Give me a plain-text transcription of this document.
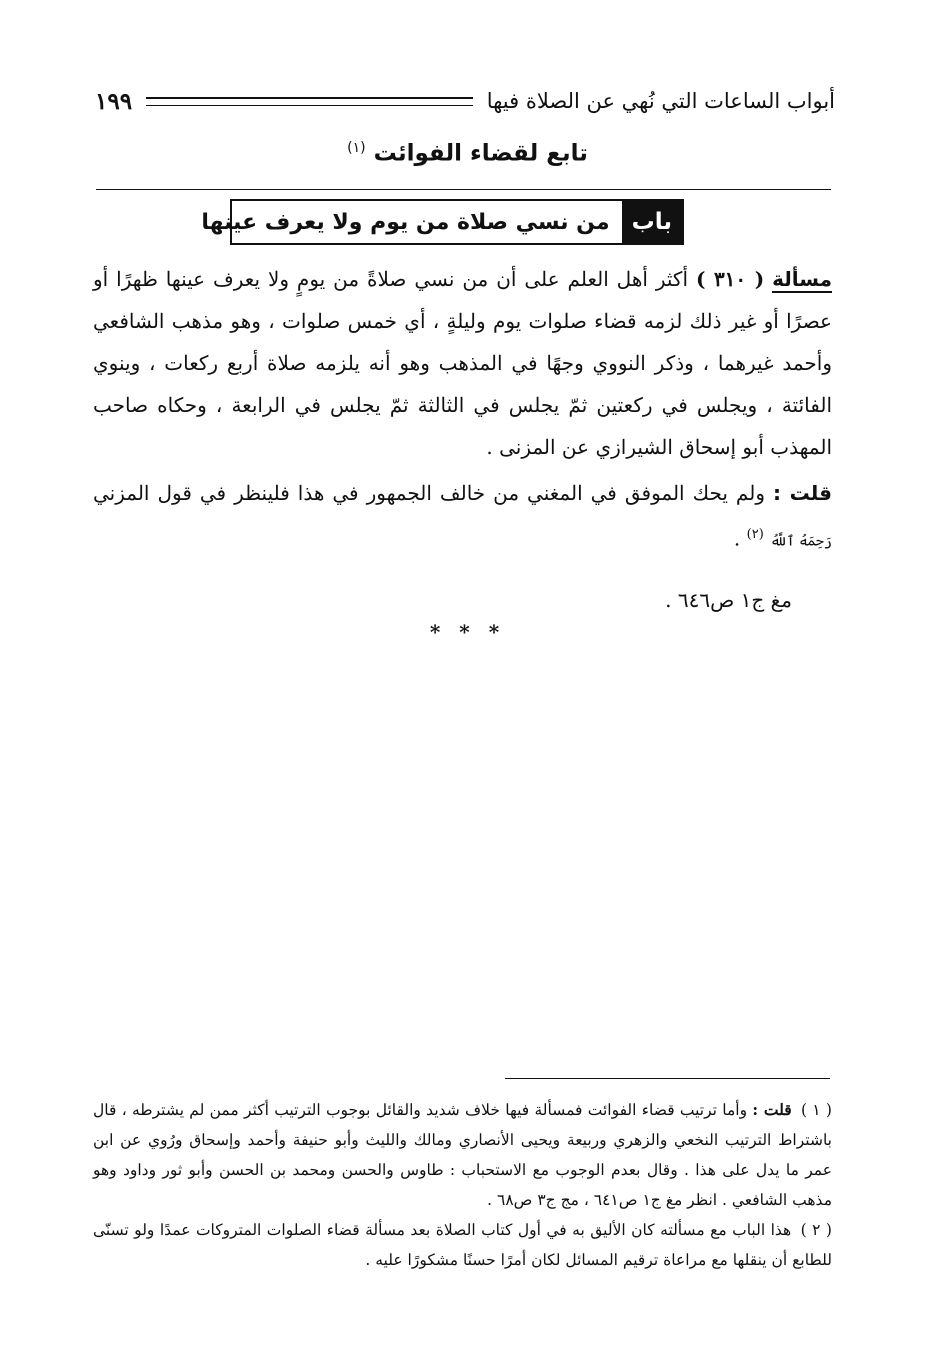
أبواب الساعات التي نُهي عن الصلاة فيها
١٩٩
تابع لقضاء الفوائت $^{(١)}$
باب
من نسي صلاة من يوم ولا يعرف عينها

مسألة ( ٣١٠ ) أكثر أهل العلم على أن من نسي صلاةً من يومٍ ولا يعرف عينها ظهرًا أو عصرًا أو غير ذلك لزمه قضاء صلوات يوم وليلةٍ ، أي خمس صلوات ، وهو مذهب الشافعي وأحمد غيرهما ، وذكر النووي وجهًا في المذهب وهو أنه يلزمه صلاة أربع ركعات ، وينوي الفائتة ، ويجلس في ركعتين ثمّ يجلس في الثالثة ثمّ يجلس في الرابعة ، وحكاه صاحب المهذب أبو إسحاق الشيرازي عن المزنى .

قلت : ولم يحك الموفق في المغني من خالف الجمهور في هذا فلينظر في قول المزني رَحِمَهُ ٱللَّهُ $^{(٢)}$ .

مغ ج١ ص٦٤٦ .

* * *

( ١ ) قلت : وأما ترتيب قضاء الفوائت فمسألة فيها خلاف شديد والقائل بوجوب الترتيب أكثر ممن لم يشترطه ، قال باشتراط الترتيب النخعي والزهري وربيعة ويحيى الأنصاري ومالك والليث وأبو حنيفة وأحمد وإسحاق ورُوي عن ابن عمر ما يدل على هذا . وقال بعدم الوجوب مع الاستحباب : طاوس والحسن ومحمد بن الحسن وأبو ثور وداود وهو مذهب الشافعي . انظر مغ ج١ ص٦٤١ ، مج ج٣ ص٦٨ .

( ٢ ) هذا الباب مع مسألته كان الأليق به في أول كتاب الصلاة بعد مسألة قضاء الصلوات المتروكات عمدًا ولو تسنّى للطابع أن ينقلها مع مراعاة ترقيم المسائل لكان أمرًا حسنًا مشكورًا عليه .
